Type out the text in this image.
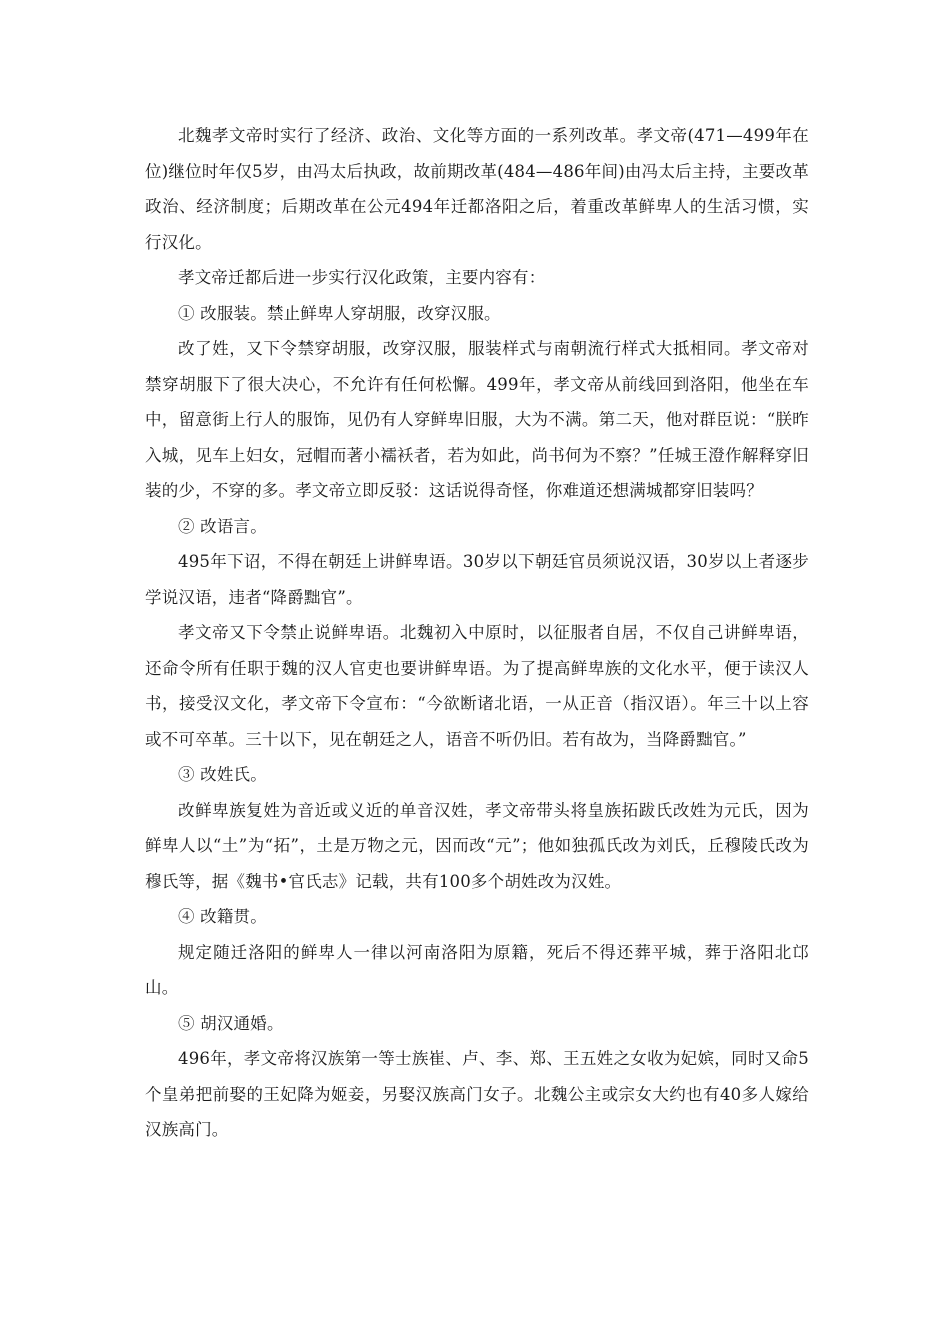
北魏孝文帝时实行了经济、政治、文化等方面的一系列改革。孝文帝(471—499年在位)继位时年仅5岁，由冯太后执政，故前期改革(484—486年间)由冯太后主持，主要改革政治、经济制度；后期改革在公元494年迁都洛阳之后，着重改革鲜卑人的生活习惯，实行汉化。

孝文帝迁都后进一步实行汉化政策，主要内容有：

① 改服装。禁止鲜卑人穿胡服，改穿汉服。

改了姓，又下令禁穿胡服，改穿汉服，服装样式与南朝流行样式大抵相同。孝文帝对禁穿胡服下了很大决心，不允许有任何松懈。499年，孝文帝从前线回到洛阳，他坐在车中，留意街上行人的服饰，见仍有人穿鲜卑旧服，大为不满。第二天，他对群臣说：“朕昨入城，见车上妇女，冠帽而著小襦袄者，若为如此，尚书何为不察？”任城王澄作解释穿旧装的少，不穿的多。孝文帝立即反驳：这话说得奇怪，你难道还想满城都穿旧装吗？

② 改语言。

495年下诏，不得在朝廷上讲鲜卑语。30岁以下朝廷官员须说汉语，30岁以上者逐步学说汉语，违者“降爵黜官”。

孝文帝又下令禁止说鲜卑语。北魏初入中原时，以征服者自居，不仅自己讲鲜卑语，还命令所有任职于魏的汉人官吏也要讲鲜卑语。为了提高鲜卑族的文化水平，便于读汉人书，接受汉文化，孝文帝下令宣布：“今欲断诸北语，一从正音（指汉语）。年三十以上容或不可卒革。三十以下，见在朝廷之人，语音不听仍旧。若有故为，当降爵黜官。”

③ 改姓氏。

改鲜卑族复姓为音近或义近的单音汉姓，孝文帝带头将皇族拓跋氏改姓为元氏，因为鲜卑人以“土”为“拓”，土是万物之元，因而改“元”；他如独孤氏改为刘氏，丘穆陵氏改为穆氏等，据《魏书•官氏志》记载，共有100多个胡姓改为汉姓。

④ 改籍贯。

规定随迁洛阳的鲜卑人一律以河南洛阳为原籍，死后不得还葬平城，葬于洛阳北邙山。

⑤ 胡汉通婚。

496年，孝文帝将汉族第一等士族崔、卢、李、郑、王五姓之女收为妃嫔，同时又命5个皇弟把前娶的王妃降为姬妾，另娶汉族高门女子。北魏公主或宗女大约也有40多人嫁给汉族高门。
